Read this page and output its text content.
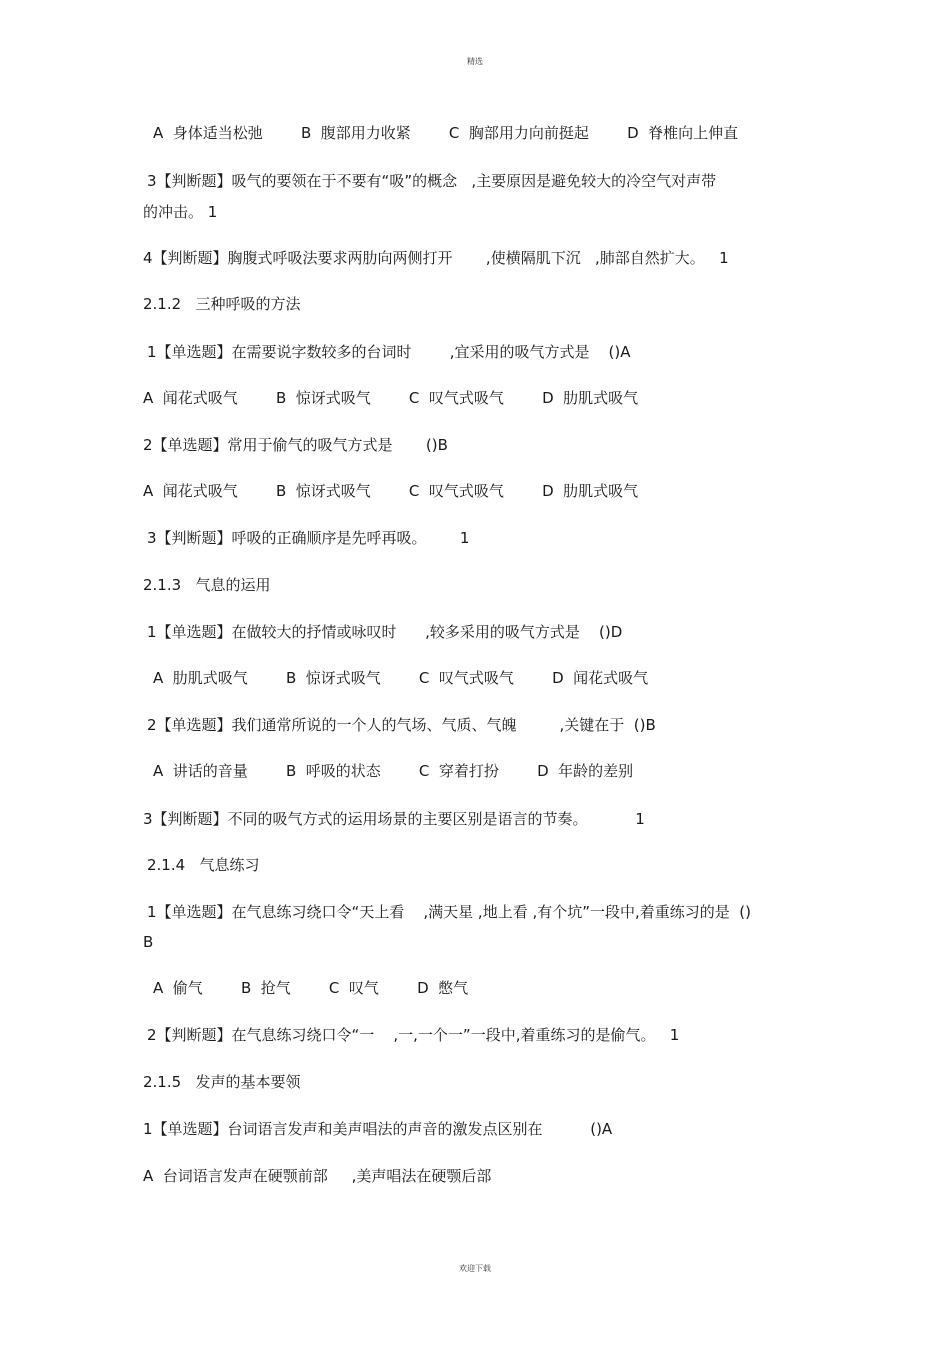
精选
A  身体适当松弛        B  腹部用力收紧        C  胸部用力向前挺起        D  脊椎向上伸直
3【判断题】吸气的要领在于不要有“吸”的概念   ,主要原因是避免较大的冷空气对声带
的冲击。 1
4【判断题】胸腹式呼吸法要求两肋向两侧打开       ,使横隔肌下沉   ,肺部自然扩大。   1
2.1.2   三种呼吸的方法
1【单选题】在需要说字数较多的台词时        ,宜采用的吸气方式是    ()A
A  闻花式吸气        B  惊讶式吸气        C  叹气式吸气        D  肋肌式吸气
2【单选题】常用于偷气的吸气方式是       ()B
A  闻花式吸气        B  惊讶式吸气        C  叹气式吸气        D  肋肌式吸气
3【判断题】呼吸的正确顺序是先呼再吸。       1
2.1.3   气息的运用
1【单选题】在做较大的抒情或咏叹时      ,较多采用的吸气方式是    ()D
A  肋肌式吸气        B  惊讶式吸气        C  叹气式吸气        D  闻花式吸气
2【单选题】我们通常所说的一个人的气场、气质、气魄         ,关键在于  ()B
A  讲话的音量        B  呼吸的状态        C  穿着打扮        D  年龄的差别
3【判断题】不同的吸气方式的运用场景的主要区别是语言的节奏。          1
2.1.4   气息练习
1【单选题】在气息练习绕口令“天上看    ,满天星 ,地上看 ,有个坑”一段中,着重练习的是  ()
B
A  偷气        B  抢气        C  叹气        D  憋气
2【判断题】在气息练习绕口令“一    ,一,一个一”一段中,着重练习的是偷气。   1
2.1.5   发声的基本要领
1【单选题】台词语言发声和美声唱法的声音的激发点区别在          ()A
A  台词语言发声在硬颚前部     ,美声唱法在硬颚后部
欢迎下载
